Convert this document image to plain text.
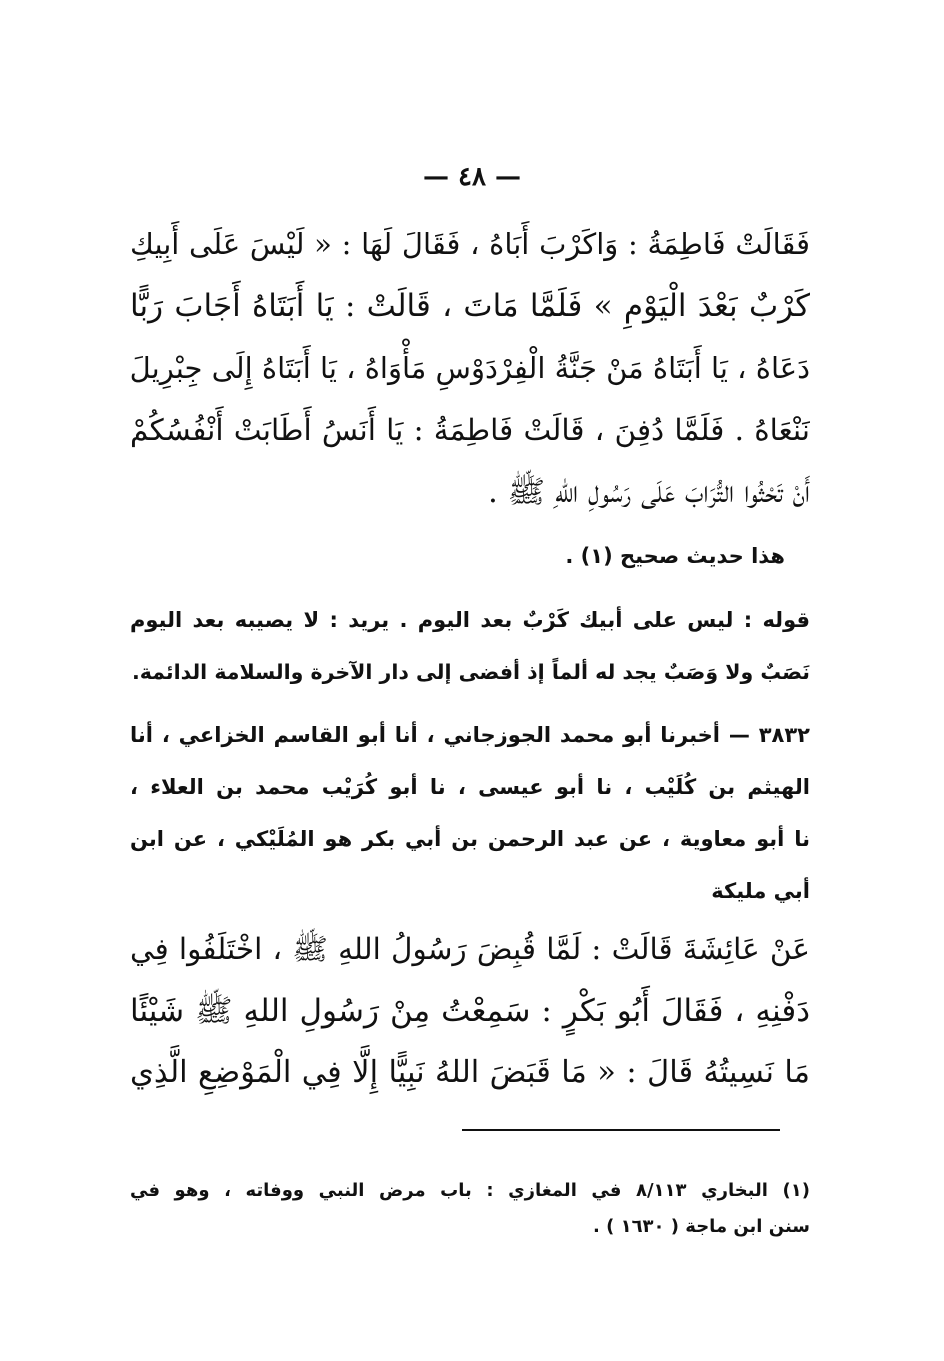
— ٤٨ —
فَقَالَتْ فَاطِمَةُ : وَاكَرْبَ أَبَاهُ ، فَقَالَ لَهَا : « لَيْسَ عَلَى أَبِيكِ
كَرْبٌ بَعْدَ الْيَوْمِ » فَلَمَّا مَاتَ ، قَالَتْ : يَا أَبَتَاهُ أَجَابَ رَبًّا
دَعَاهُ ، يَا أَبَتَاهُ مَنْ جَنَّةُ الْفِرْدَوْسِ مَأْوَاهُ ، يَا أَبَتَاهُ إِلَى جِبْرِيلَ
نَنْعَاهُ . فَلَمَّا دُفِنَ ، قَالَتْ فَاطِمَةُ : يَا أَنَسُ أَطَابَتْ أَنْفُسُكُمْ
أَنْ تَحْثُوا التُّرَابَ عَلَى رَسُولِ اللهِ ﷺ .
هذا حديث صحيح (١) .
قوله : ليس على أبيك كَرْبٌ بعد اليوم . يريد : لا يصيبه بعد اليوم
نَصَبٌ ولا وَصَبٌ يجد له ألماً إذ أفضى إلى دار الآخرة والسلامة الدائمة.
٣٨٣٢ — أخبرنا أبو محمد الجوزجاني ، أنا أبو القاسم الخزاعي ، أنا
الهيثم بن كُلَيْب ، نا أبو عيسى ، نا أبو كُرَيْب محمد بن العلاء ،
نا أبو معاوية ، عن عبد الرحمن بن أبي بكر هو المُلَيْكي ، عن ابن
أبي مليكة
عَنْ عَائِشَةَ قَالَتْ : لَمَّا قُبِضَ رَسُولُ اللهِ ﷺ ، اخْتَلَفُوا فِي
دَفْنِهِ ، فَقَالَ أَبُو بَكْرٍ : سَمِعْتُ مِنْ رَسُولِ اللهِ ﷺ شَيْئًا
مَا نَسِيتُهُ قَالَ : « مَا قَبَضَ اللهُ نَبِيًّا إِلَّا فِي الْمَوْضِعِ الَّذِي
(١) البخاري ٨/١١٣ في المغازي : باب مرض النبي ووفاته ، وهو في
سنن ابن ماجة ( ١٦٣٠ ) .
